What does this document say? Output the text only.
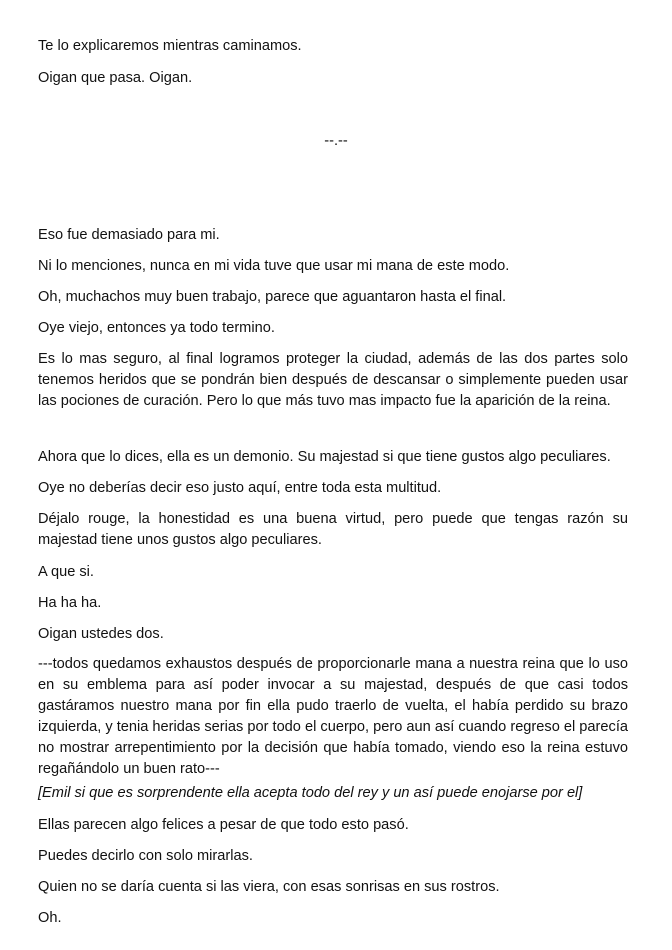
Te lo explicaremos mientras caminamos.

Oigan que pasa. Oigan.

--.--

Eso fue demasiado para mi.

Ni lo menciones, nunca en mi vida tuve que usar mi mana de este modo.

Oh, muchachos muy buen trabajo, parece que aguantaron hasta el final.

Oye viejo, entonces ya todo termino.

Es lo mas seguro, al final logramos proteger la ciudad, además de las dos partes solo tenemos heridos que se pondrán bien después de descansar o simplemente pueden usar las pociones de curación. Pero lo que más tuvo mas impacto fue la aparición de la reina.

Ahora que lo dices, ella es un demonio. Su majestad si que tiene gustos algo peculiares.

Oye no deberías decir eso justo aquí, entre toda esta multitud.

Déjalo rouge, la honestidad es una buena virtud, pero puede que tengas razón su majestad tiene unos gustos algo peculiares.

A que si.

Ha ha ha.

Oigan ustedes dos.

---todos quedamos exhaustos después de proporcionarle mana a nuestra reina que lo uso en su emblema para así poder invocar a su majestad, después de que casi todos gastáramos nuestro mana por fin ella pudo traerlo de vuelta, el había perdido su brazo izquierda, y tenia heridas serias por todo el cuerpo, pero aun así cuando regreso el parecía no mostrar arrepentimiento por la decisión que había tomado, viendo eso la reina estuvo regañándolo un buen rato---

[Emil si que es sorprendente ella acepta todo del rey y un así puede enojarse por el]

Ellas parecen algo felices a pesar de que todo esto pasó.

Puedes decirlo con solo mirarlas.

Quien no se daría cuenta si las viera, con esas sonrisas en sus rostros.

Oh.
